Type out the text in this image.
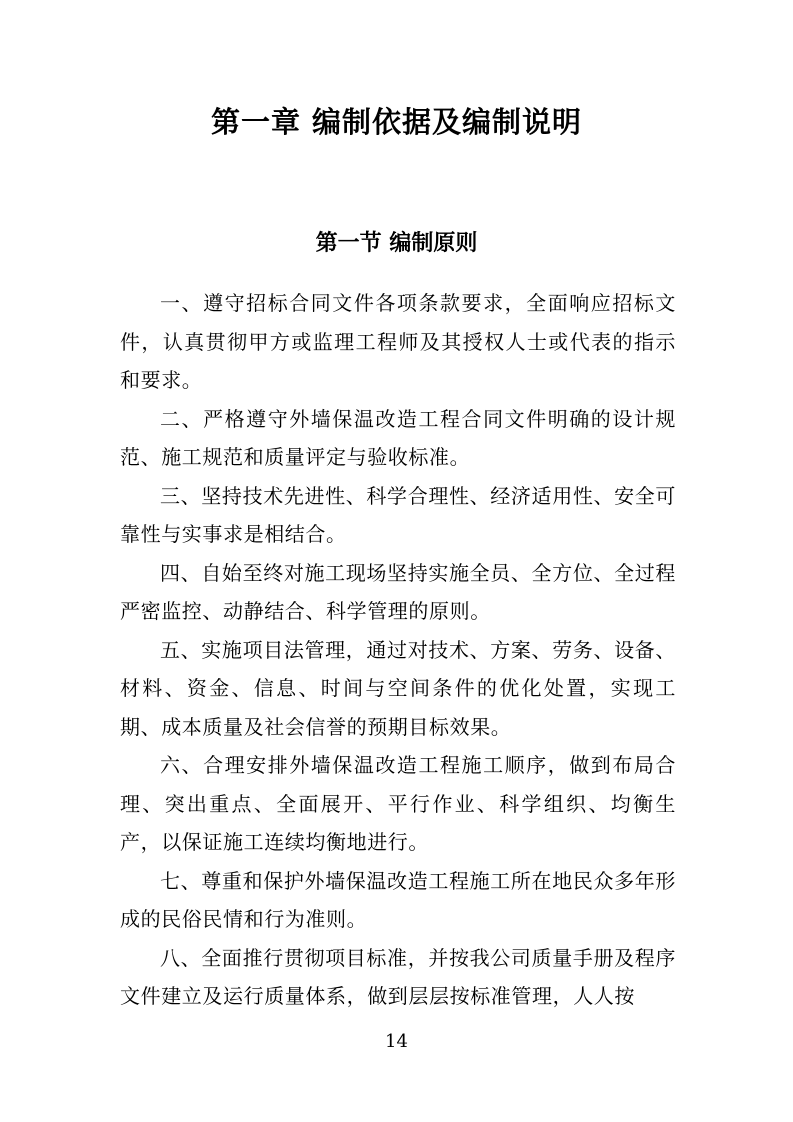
第一章 编制依据及编制说明
第一节 编制原则

一、遵守招标合同文件各项条款要求，全面响应招标文件，认真贯彻甲方或监理工程师及其授权人士或代表的指示和要求。

二、严格遵守外墙保温改造工程合同文件明确的设计规范、施工规范和质量评定与验收标准。

三、坚持技术先进性、科学合理性、经济适用性、安全可靠性与实事求是相结合。

四、自始至终对施工现场坚持实施全员、全方位、全过程严密监控、动静结合、科学管理的原则。

五、实施项目法管理，通过对技术、方案、劳务、设备、材料、资金、信息、时间与空间条件的优化处置，实现工期、成本质量及社会信誉的预期目标效果。

六、合理安排外墙保温改造工程施工顺序，做到布局合理、突出重点、全面展开、平行作业、科学组织、均衡生产，以保证施工连续均衡地进行。

七、尊重和保护外墙保温改造工程施工所在地民众多年形成的民俗民情和行为准则。

八、全面推行贯彻项目标准，并按我公司质量手册及程序文件建立及运行质量体系，做到层层按标准管理，人人按

14
